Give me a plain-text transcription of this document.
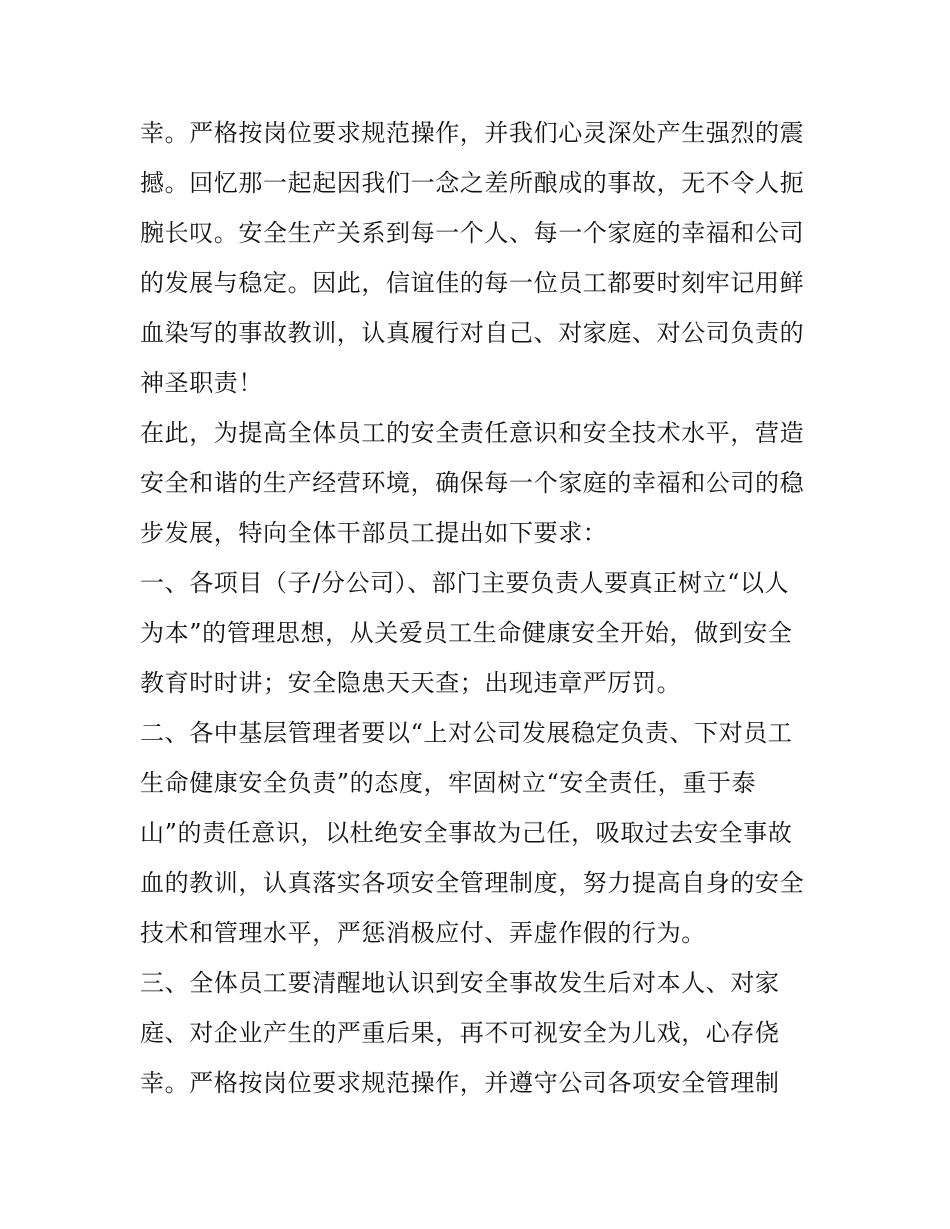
幸。严格按岗位要求规范操作，并我们心灵深处产生强烈的震
撼。回忆那一起起因我们一念之差所酿成的事故，无不令人扼
腕长叹。安全生产关系到每一个人、每一个家庭的幸福和公司
的发展与稳定。因此，信谊佳的每一位员工都要时刻牢记用鲜
血染写的事故教训，认真履行对自己、对家庭、对公司负责的
神圣职责！
在此，为提高全体员工的安全责任意识和安全技术水平，营造
安全和谐的生产经营环境，确保每一个家庭的幸福和公司的稳
步发展，特向全体干部员工提出如下要求：
一、各项目（子/分公司）、部门主要负责人要真正树立“以人
为本”的管理思想，从关爱员工生命健康安全开始，做到安全
教育时时讲；安全隐患天天查；出现违章严厉罚。
二、各中基层管理者要以“上对公司发展稳定负责、下对员工
生命健康安全负责”的态度，牢固树立“安全责任，重于泰
山”的责任意识，以杜绝安全事故为己任，吸取过去安全事故
血的教训，认真落实各项安全管理制度，努力提高自身的安全
技术和管理水平，严惩消极应付、弄虚作假的行为。
三、全体员工要清醒地认识到安全事故发生后对本人、对家
庭、对企业产生的严重后果，再不可视安全为儿戏，心存侥
幸。严格按岗位要求规范操作，并遵守公司各项安全管理制
